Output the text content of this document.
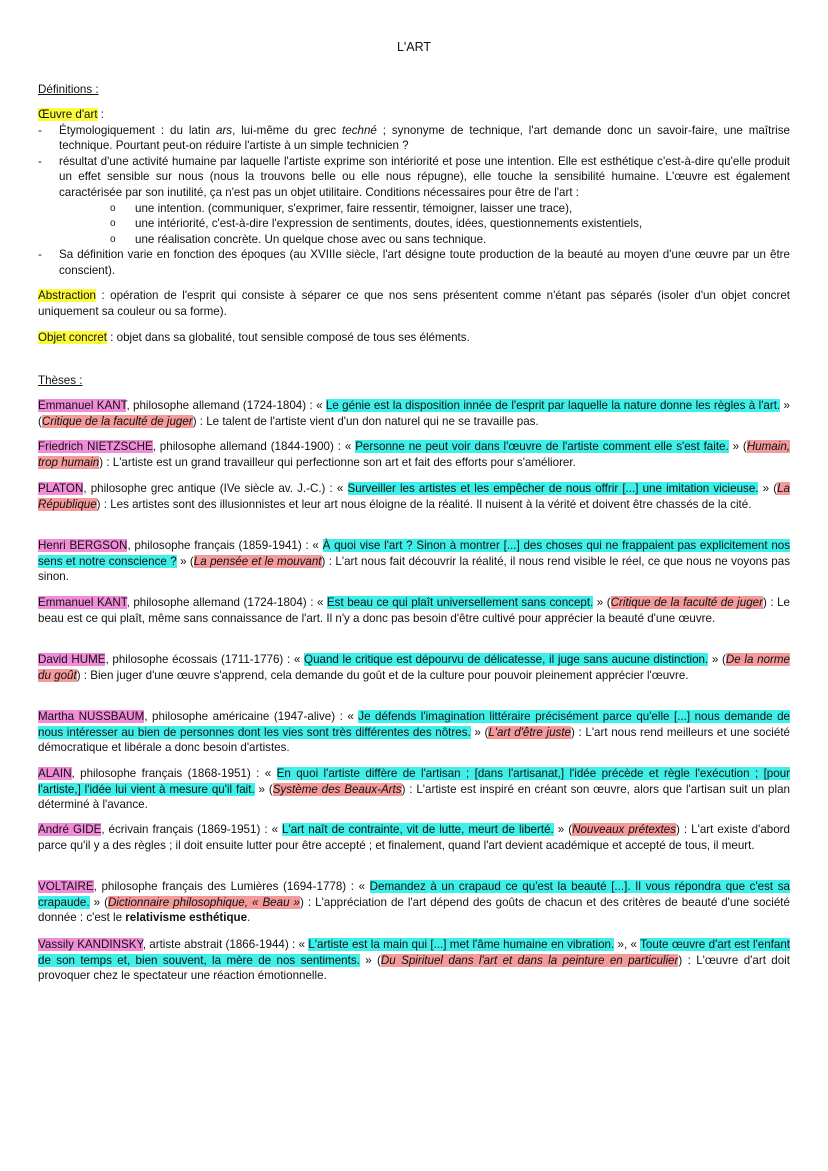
L'ART
Définitions :

Œuvre d'art :

- Étymologiquement : du latin ars, lui-même du grec techné ; synonyme de technique, l'art demande donc un savoir-faire, une maîtrise technique. Pourtant peut-on réduire l'artiste à un simple technicien ?
- résultat d'une activité humaine par laquelle l'artiste exprime son intériorité et pose une intention. Elle est esthétique c'est-à-dire qu'elle produit un effet sensible sur nous (nous la trouvons belle ou elle nous répugne), elle touche la sensibilité humaine. L'œuvre est également caractérisée par son inutilité, ça n'est pas un objet utilitaire. Conditions nécessaires pour être de l'art :
o une intention. (communiquer, s'exprimer, faire ressentir, témoigner, laisser une trace),
o une intériorité, c'est-à-dire l'expression de sentiments, doutes, idées, questionnements existentiels,
o une réalisation concrète. Un quelque chose avec ou sans technique.
- Sa définition varie en fonction des époques (au XVIIIe siècle, l'art désigne toute production de la beauté au moyen d'une œuvre par un être conscient).
Abstraction : opération de l'esprit qui consiste à séparer ce que nos sens présentent comme n'étant pas séparés (isoler d'un objet concret uniquement sa couleur ou sa forme).
Objet concret : objet dans sa globalité, tout sensible composé de tous ses éléments.
Thèses :
Emmanuel KANT, philosophe allemand (1724-1804) : « Le génie est la disposition innée de l'esprit par laquelle la nature donne les règles à l'art. » (Critique de la faculté de juger) : Le talent de l'artiste vient d'un don naturel qui ne se travaille pas.
Friedrich NIETZSCHE, philosophe allemand (1844-1900) : « Personne ne peut voir dans l'œuvre de l'artiste comment elle s'est faite. » (Humain, trop humain) : L'artiste est un grand travailleur qui perfectionne son art et fait des efforts pour s'améliorer.
PLATON, philosophe grec antique (IVe siècle av. J.-C.) : « Surveiller les artistes et les empêcher de nous offrir [...] une imitation vicieuse. » (La République) : Les artistes sont des illusionnistes et leur art nous éloigne de la réalité. Il nuisent à la vérité et doivent être chassés de la cité.
Henri BERGSON, philosophe français (1859-1941) : « À quoi vise l'art ? Sinon à montrer [...] des choses qui ne frappaient pas explicitement nos sens et notre conscience ? » (La pensée et le mouvant) : L'art nous fait découvrir la réalité, il nous rend visible le réel, ce que nous ne voyons pas sinon.
Emmanuel KANT, philosophe allemand (1724-1804) : « Est beau ce qui plaît universellement sans concept. » (Critique de la faculté de juger) : Le beau est ce qui plaît, même sans connaissance de l'art. Il n'y a donc pas besoin d'être cultivé pour apprécier la beauté d'une œuvre.
David HUME, philosophe écossais (1711-1776) : « Quand le critique est dépourvu de délicatesse, il juge sans aucune distinction. » (De la norme du goût) : Bien juger d'une œuvre s'apprend, cela demande du goût et de la culture pour pouvoir pleinement apprécier l'œuvre.
Martha NUSSBAUM, philosophe américaine (1947-alive) : « Je défends l'imagination littéraire précisément parce qu'elle [...] nous demande de nous intéresser au bien de personnes dont les vies sont très différentes des nôtres. » (L'art d'être juste) : L'art nous rend meilleurs et une société démocratique et libérale a donc besoin d'artistes.
ALAIN, philosophe français (1868-1951) : « En quoi l'artiste diffère de l'artisan ; [dans l'artisanat,] l'idée précède et règle l'exécution ; [pour l'artiste,] l'idée lui vient à mesure qu'il fait. » (Système des Beaux-Arts) : L'artiste est inspiré en créant son œuvre, alors que l'artisan suit un plan déterminé à l'avance.
André GIDE, écrivain français (1869-1951) : « L'art naît de contrainte, vit de lutte, meurt de liberté. » (Nouveaux prétextes) : L'art existe d'abord parce qu'il y a des règles ; il doit ensuite lutter pour être accepté ; et finalement, quand l'art devient académique et accepté de tous, il meurt.
VOLTAIRE, philosophe français des Lumières (1694-1778) : « Demandez à un crapaud ce qu'est la beauté [...]. Il vous répondra que c'est sa crapaude. » (Dictionnaire philosophique, « Beau ») : L'appréciation de l'art dépend des goûts de chacun et des critères de beauté d'une société donnée : c'est le relativisme esthétique.
Vassily KANDINSKY, artiste abstrait (1866-1944) : « L'artiste est la main qui [...] met l'âme humaine en vibration. », « Toute œuvre d'art est l'enfant de son temps et, bien souvent, la mère de nos sentiments. » (Du Spirituel dans l'art et dans la peinture en particulier) : L'œuvre d'art doit provoquer chez le spectateur une réaction émotionnelle.
